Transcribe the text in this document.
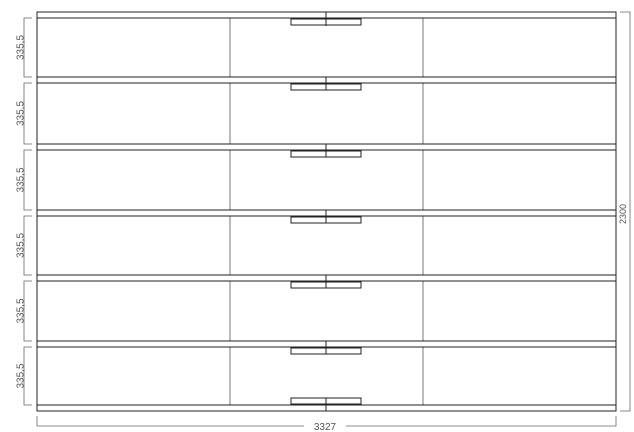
335,5
335,5
335,5
335,5
335,5
335,5
2300
3327
